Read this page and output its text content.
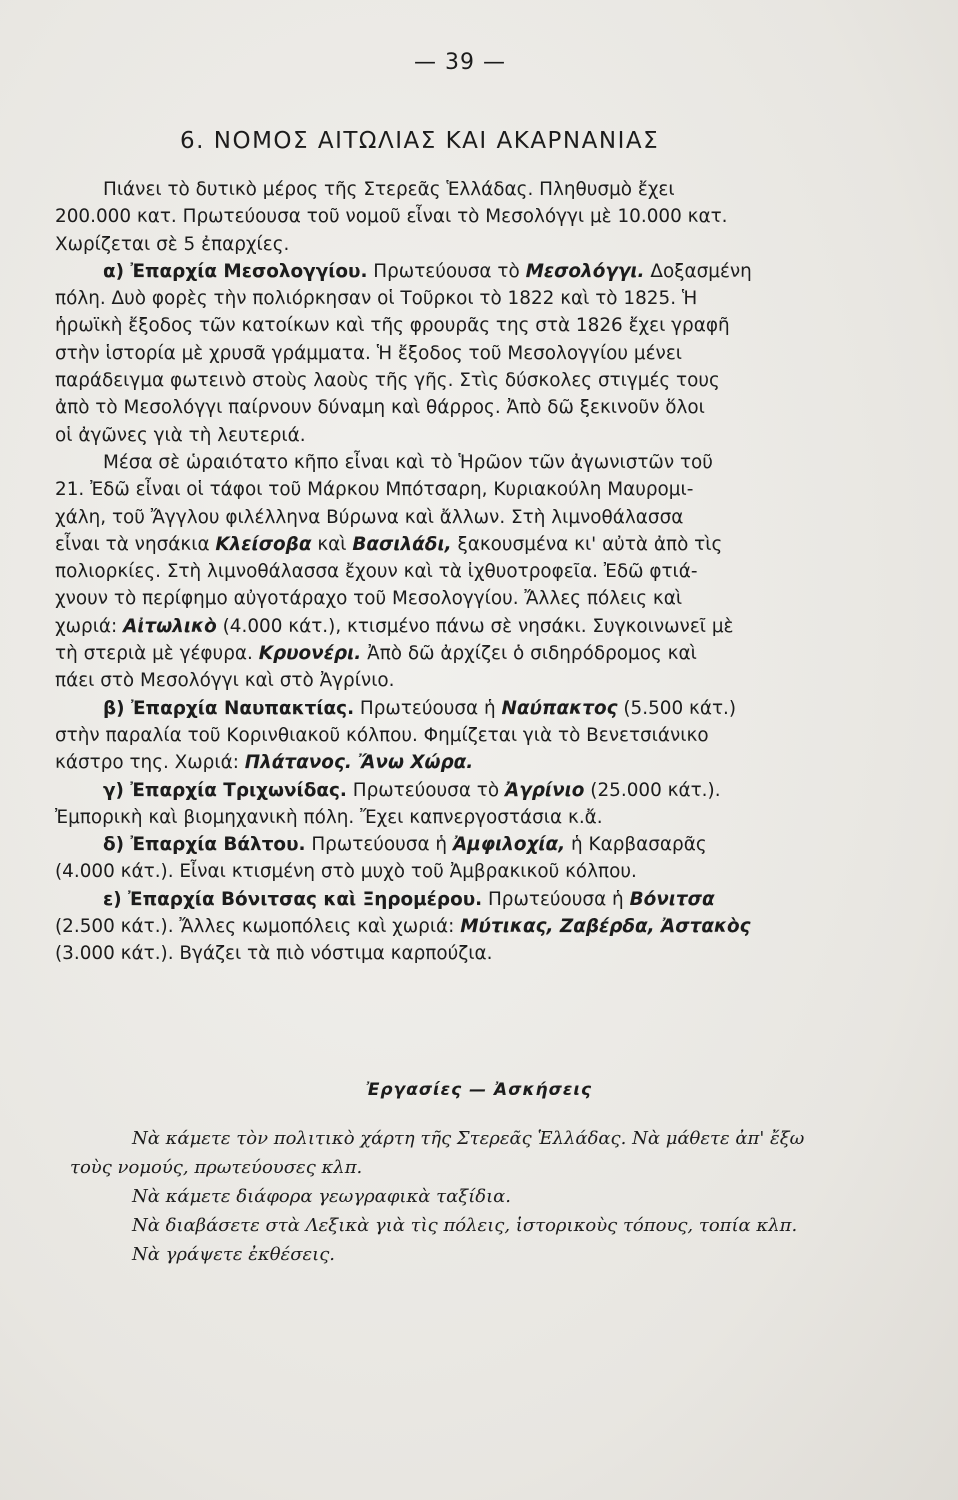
— 39 —
6. ΝΟΜΟΣ ΑΙΤΩΛΙΑΣ ΚΑΙ ΑΚΑΡΝΑΝΙΑΣ
Πιάνει τὸ δυτικὸ μέρος τῆς Στερεᾶς Ἑλλάδας. Πληθυσμὸ ἔχει
200.000 κατ. Πρωτεύουσα τοῦ νομοῦ εἶναι τὸ Μεσολόγγι μὲ 10.000 κατ.
Χωρίζεται σὲ 5 ἐπαρχίες.
α) Ἐπαρχία Μεσολογγίου. Πρωτεύουσα τὸ Μεσολόγγι. Δοξασμένη
πόλη. Δυὸ φορὲς τὴν πολιόρκησαν οἱ Τοῦρκοι τὸ 1822 καὶ τὸ 1825. Ἡ
ἡρωϊκὴ ἔξοδος τῶν κατοίκων καὶ τῆς φρουρᾶς της στὰ 1826 ἔχει γραφῆ
στὴν ἱστορία μὲ χρυσᾶ γράμματα. Ἡ ἔξοδος τοῦ Μεσολογγίου μένει
παράδειγμα φωτεινὸ στοὺς λαοὺς τῆς γῆς. Στὶς δύσκολες στιγμές τους
ἀπὸ τὸ Μεσολόγγι παίρνουν δύναμη καὶ θάρρος. Ἀπὸ δῶ ξεκινοῦν ὅλοι
οἱ ἀγῶνες γιὰ τὴ λευτεριά.
Μέσα σὲ ὡραιότατο κῆπο εἶναι καὶ τὸ Ἡρῶον τῶν ἀγωνιστῶν τοῦ
21. Ἐδῶ εἶναι οἱ τάφοι τοῦ Μάρκου Μπότσαρη, Κυριακούλη Μαυρομι-
χάλη, τοῦ Ἄγγλου φιλέλληνα Βύρωνα καὶ ἄλλων. Στὴ λιμνοθάλασσα
εἶναι τὰ νησάκια Κλείσοβα καὶ Βασιλάδι, ξακουσμένα κι' αὐτὰ ἀπὸ τὶς
πολιορκίες. Στὴ λιμνοθάλασσα ἔχουν καὶ τὰ ἰχθυοτροφεῖα. Ἐδῶ φτιά-
χνουν τὸ περίφημο αὐγοτάραχο τοῦ Μεσολογγίου. Ἄλλες πόλεις καὶ
χωριά: Αἰτωλικὸ (4.000 κάτ.), κτισμένο πάνω σὲ νησάκι. Συγκοινωνεῖ μὲ
τὴ στεριὰ μὲ γέφυρα. Κρυονέρι. Ἀπὸ δῶ ἀρχίζει ὁ σιδηρόδρομος καὶ
πάει στὸ Μεσολόγγι καὶ στὸ Ἀγρίνιο.
β) Ἐπαρχία Ναυπακτίας. Πρωτεύουσα ἡ Ναύπακτος (5.500 κάτ.)
στὴν παραλία τοῦ Κορινθιακοῦ κόλπου. Φημίζεται γιὰ τὸ Βενετσιάνικο
κάστρο της. Χωριά: Πλάτανος. Ἄνω Χώρα.
γ) Ἐπαρχία Τριχωνίδας. Πρωτεύουσα τὸ Ἀγρίνιο (25.000 κάτ.).
Ἐμπορικὴ καὶ βιομηχανικὴ πόλη. Ἔχει καπνεργοστάσια κ.ἄ.
δ) Ἐπαρχία Βάλτου. Πρωτεύουσα ἡ Ἀμφιλοχία, ἡ Καρβασαρᾶς
(4.000 κάτ.). Εἶναι κτισμένη στὸ μυχὸ τοῦ Ἀμβρακικοῦ κόλπου.
ε) Ἐπαρχία Βόνιτσας καὶ Ξηρομέρου. Πρωτεύουσα ἡ Βόνιτσα
(2.500 κάτ.). Ἄλλες κωμοπόλεις καὶ χωριά: Μύτικας, Ζαβέρδα, Ἀστακὸς
(3.000 κάτ.). Βγάζει τὰ πιὸ νόστιμα καρπούζια.
Ἐργασίες — Ἀσκήσεις
Νὰ κάμετε τὸν πολιτικὸ χάρτη τῆς Στερεᾶς Ἑλλάδας. Νὰ μάθετε ἀπ' ἔξω
τοὺς νομούς, πρωτεύουσες κλπ.
Νὰ κάμετε διάφορα γεωγραφικὰ ταξίδια.
Νὰ διαβάσετε στὰ Λεξικὰ γιὰ τὶς πόλεις, ἱστορικοὺς τόπους, τοπία κλπ.
Νὰ γράψετε ἐκθέσεις.
